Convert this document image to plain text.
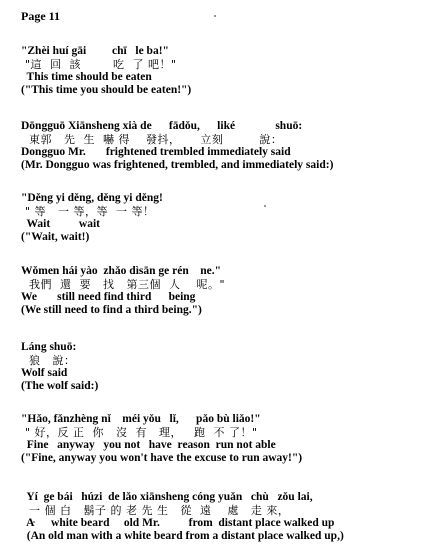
Page 11
"Zhèi huí gāi         chī   le ba!"
"這  回  該        吃  了 吧！"
This time should be eaten
("This time you should be eaten!")
Dōngguō Xiānsheng xià de      fādǒu,      liké              shuō:
東郭   先  生  嚇 得    發抖，     立刻         說：
Dongguo Mr.       frightened trembled immediately said
(Mr. Dongguo was frightened, trembled, and immediately said:)
"Děng yi děng, děng yi děng!
" 等   一 等，等  一 等！
Wait          wait
("Wait, wait!)
Wǒmen hái yào  zhǎo dìsān ge rén    ne."
我們  還  要   找   第三個  人    呢。"
We       still need find third      being
(We still need to find a third being.")
Láng shuō:
狼   說：
Wolf said
(The wolf said:)
"Hǎo, fǎnzhèng nǐ    méi yǒu   lǐ,      pǎo bù liǎo!"
" 好，反 正  你   沒  有   理，   跑  不 了！"
Fine   anyway   you not   have  reason  run not able
("Fine, anyway you won't have the excuse to run away!")
Yí  ge bái   húzi  de lǎo xiānsheng cóng yuǎn   chù   zǒu lai,
一 個 白   鬍子 的 老 先 生   從  遠    處   走 來，
A      white beard     old Mr.          from  distant place walked up
(An old man with a white beard from a distant place walked up,)
